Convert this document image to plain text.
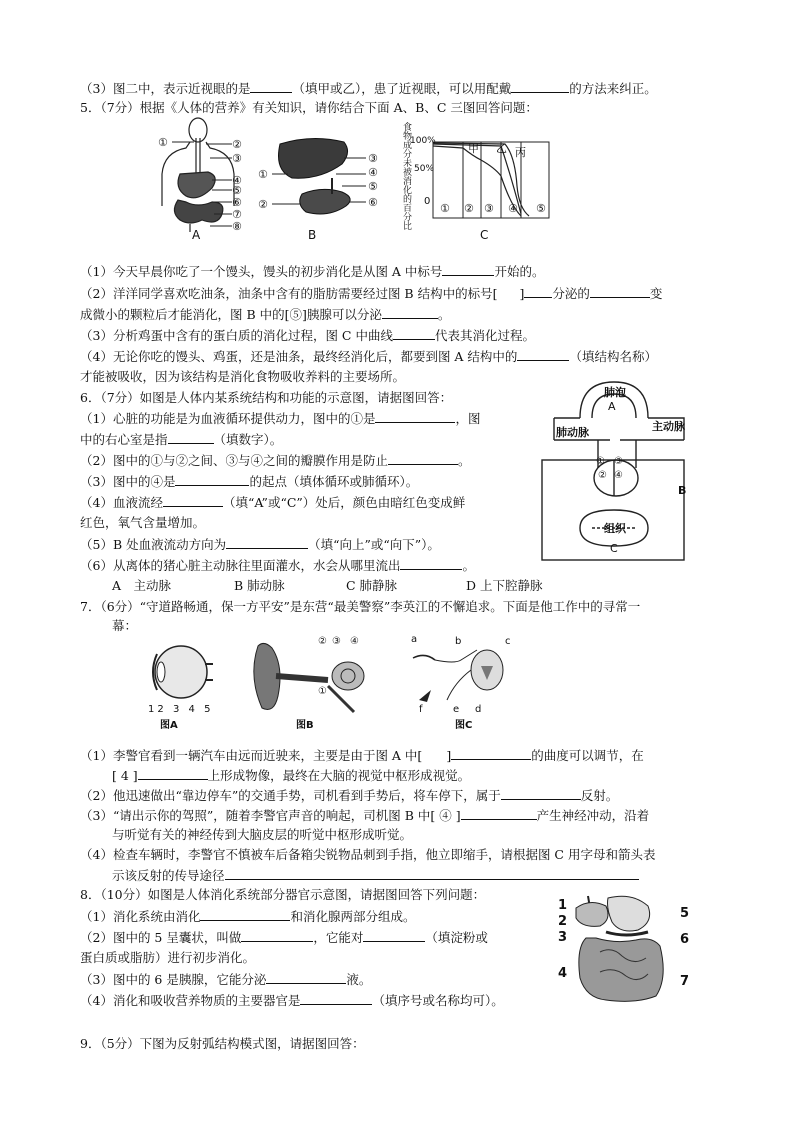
（3）图二中，表示近视眼的是	（填甲或乙），患了近视眼，可以用配戴	的方法来纠正。
5．（7分）根据《人体的营养》有关知识，请你结合下面 A、B、C 三图回答问题：
①	②
③
④
⑤
⑥
⑦
⑧
A
①
②
③
④
⑤
⑥
B
食物成分未被消化的百分比 100%
50%
0
甲 乙 丙
① ② ③ ④ ⑤
C
（1）今天早晨你吃了一个馒头，馒头的初步消化是从图 A 中标号	开始的。
（2）洋洋同学喜欢吃油条，油条中含有的脂肪需要经过图 B 结构中的标号[ ] 分泌的	变
成微小的颗粒后才能消化，图 B 中的[⑤]胰腺可以分泌	。
（3）分析鸡蛋中含有的蛋白质的消化过程，图 C 中曲线	代表其消化过程。
（4）无论你吃的馒头、鸡蛋，还是油条，最终经消化后，都要到图 A 结构中的	（填结构名称）
才能被吸收，因为该结构是消化食物吸收养料的主要场所。
6．（7分）如图是人体内某系统结构和功能的示意图，请据图回答：	肺泡
A
肺动脉	主动脉
①
②
③
④
B
组织
C
（1）心脏的功能是为血液循环提供动力，图中的①是	，图
中的右心室是指	（填数字）。
（2）图中的①与②之间、③与④之间的瓣膜作用是防止	。
（3）图中的④是	的起点（填体循环或肺循环）。
（4）血液流经	（填“A”或“C”）处后，颜色由暗红色变成鲜
红色，氧气含量增加。
（5）B 处血液流动方向为	（填“向上”或“向下”）。
（6）从离体的猪心脏主动脉往里面灌水，水会从哪里流出	。
A　主动脉	B 肺动脉	C 肺静脉	D 上下腔静脉
7．（6分）“守道路畅通，保一方平安”是东营“最美警察”李英江的不懈追求。下面是他工作中的寻常一
幕：
12 3 4 5
图A
② ③ ④
①
图B
a	b	c
d
e
f
图C
（1）李警官看到一辆汽车由远而近驶来，主要是由于图 A 中[ ]	的曲度可以调节，在
[ 4 ]	上形成物像，最终在大脑的视觉中枢形成视觉。
（2）他迅速做出“靠边停车”的交通手势，司机看到手势后，将车停下，属于	反射。
（3）“请出示你的驾照”，随着李警官声音的响起，司机图 B 中[ ④ ]	产生神经冲动，沿着
与听觉有关的神经传到大脑皮层的听觉中枢形成听觉。
（4）检查车辆时，李警官不慎被车后备箱尖锐物品刺到手指，他立即缩手，请根据图 C 用字母和箭头表
示该反射的传导途径
8．（10分）如图是人体消化系统部分器官示意图，请据图回答下列问题：
1
2
3
4
5
6
7
（1）消化系统由消化	和消化腺两部分组成。
（2）图中的 5 呈囊状，叫做	，它能对	（填淀粉或
蛋白质或脂肪）进行初步消化。
（3）图中的 6 是胰腺，它能分泌	液。
（4）消化和吸收营养物质的主要器官是	（填序号或名称均可）。
9．（5分）下图为反射弧结构模式图，请据图回答：
